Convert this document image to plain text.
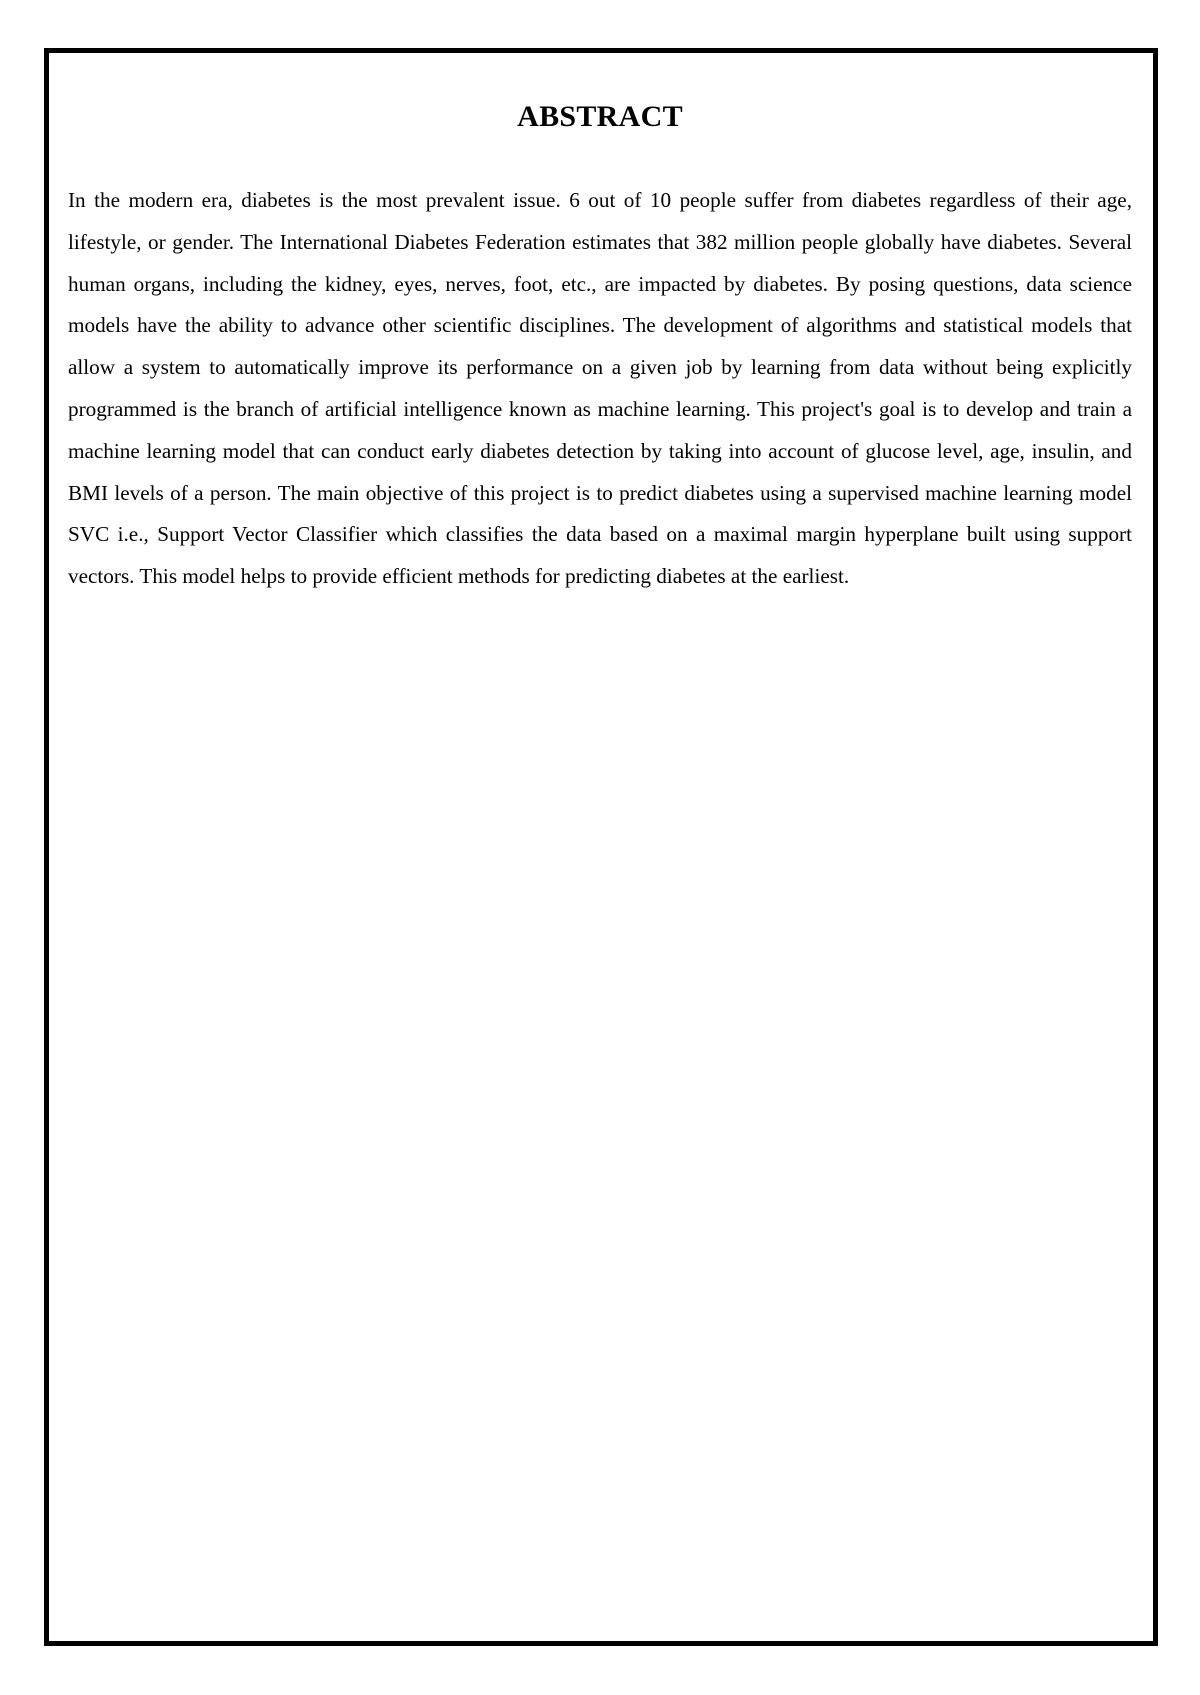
ABSTRACT

In the modern era, diabetes is the most prevalent issue. 6 out of 10 people suffer from diabetes regardless of their age, lifestyle, or gender. The International Diabetes Federation estimates that 382 million people globally have diabetes. Several human organs, including the kidney, eyes, nerves, foot, etc., are impacted by diabetes. By posing questions, data science models have the ability to advance other scientific disciplines. The development of algorithms and statistical models that allow a system to automatically improve its performance on a given job by learning from data without being explicitly programmed is the branch of artificial intelligence known as machine learning. This project's goal is to develop and train a machine learning model that can conduct early diabetes detection by taking into account of glucose level, age, insulin, and BMI levels of a person. The main objective of this project is to predict diabetes using a supervised machine learning model SVC i.e., Support Vector Classifier which classifies the data based on a maximal margin hyperplane built using support vectors. This model helps to provide efficient methods for predicting diabetes at the earliest.
